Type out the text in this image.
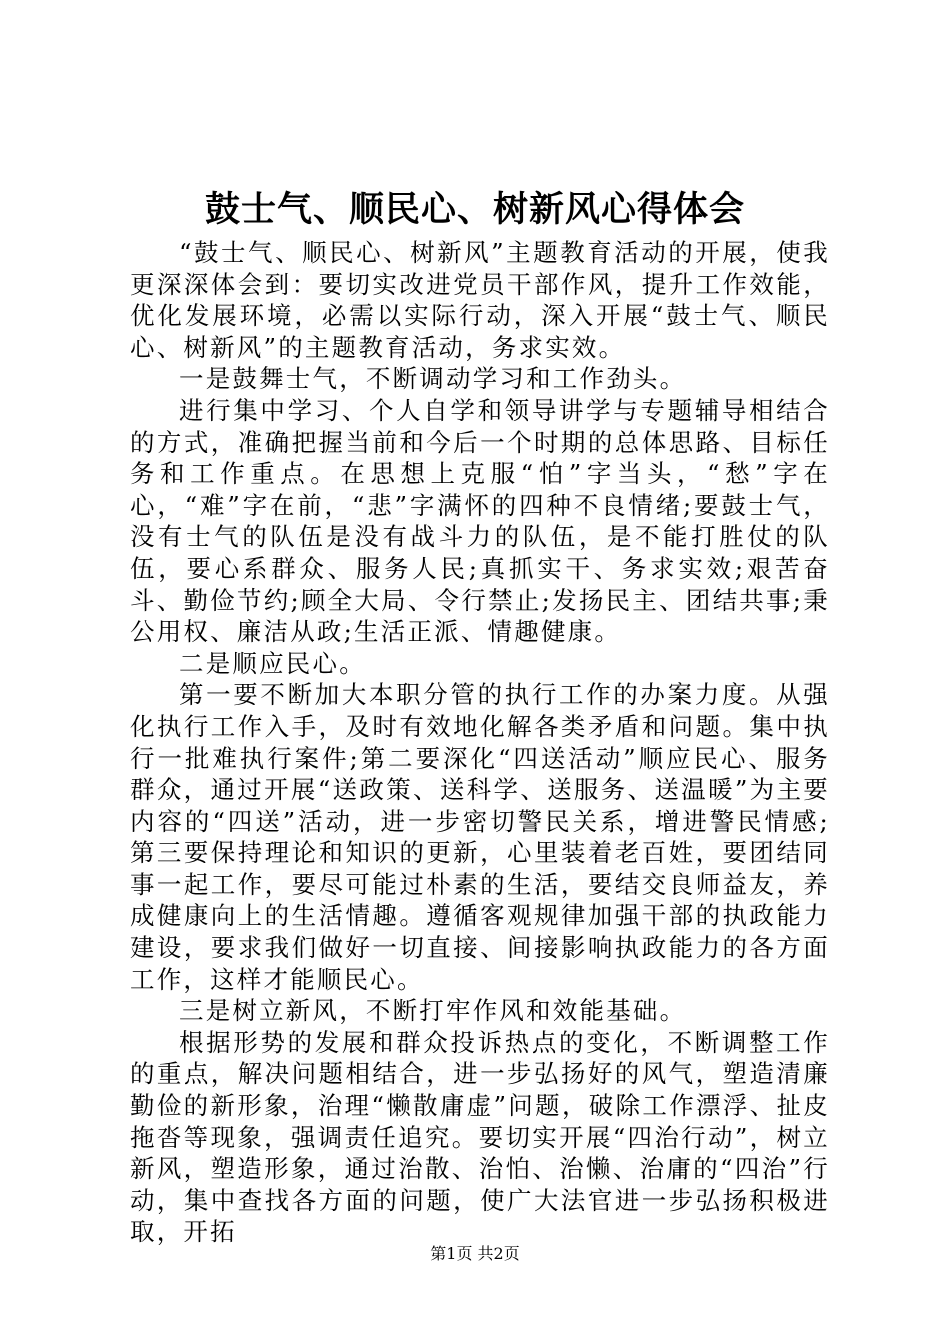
鼓士气、顺民心、树新风心得体会

“鼓士气、顺民心、树新风”主题教育活动的开展，使我更深深体会到：要切实改进党员干部作风，提升工作效能，优化发展环境，必需以实际行动，深入开展“鼓士气、顺民心、树新风”的主题教育活动，务求实效。

一是鼓舞士气，不断调动学习和工作劲头。

进行集中学习、个人自学和领导讲学与专题辅导相结合的方式，准确把握当前和今后一个时期的总体思路、目标任务和工作重点。在思想上克服“怕”字当头，“愁”字在心，“难”字在前，“悲”字满怀的四种不良情绪;要鼓士气，没有士气的队伍是没有战斗力的队伍，是不能打胜仗的队伍，要心系群众、服务人民;真抓实干、务求实效;艰苦奋斗、勤俭节约;顾全大局、令行禁止;发扬民主、团结共事;秉公用权、廉洁从政;生活正派、情趣健康。

二是顺应民心。

第一要不断加大本职分管的执行工作的办案力度。从强化执行工作入手，及时有效地化解各类矛盾和问题。集中执行一批难执行案件;第二要深化“四送活动”顺应民心、服务群众，通过开展“送政策、送科学、送服务、送温暖”为主要内容的“四送”活动，进一步密切警民关系，增进警民情感;第三要保持理论和知识的更新，心里装着老百姓，要团结同事一起工作，要尽可能过朴素的生活，要结交良师益友，养成健康向上的生活情趣。遵循客观规律加强干部的执政能力建设，要求我们做好一切直接、间接影响执政能力的各方面工作，这样才能顺民心。

三是树立新风，不断打牢作风和效能基础。

根据形势的发展和群众投诉热点的变化，不断调整工作的重点，解决问题相结合，进一步弘扬好的风气，塑造清廉勤俭的新形象，治理“懒散庸虚”问题，破除工作漂浮、扯皮拖沓等现象，强调责任追究。要切实开展“四治行动”，树立新风，塑造形象，通过治散、治怕、治懒、治庸的“四治”行动，集中查找各方面的问题，使广大法官进一步弘扬积极进取，开拓

第1页 共2页
